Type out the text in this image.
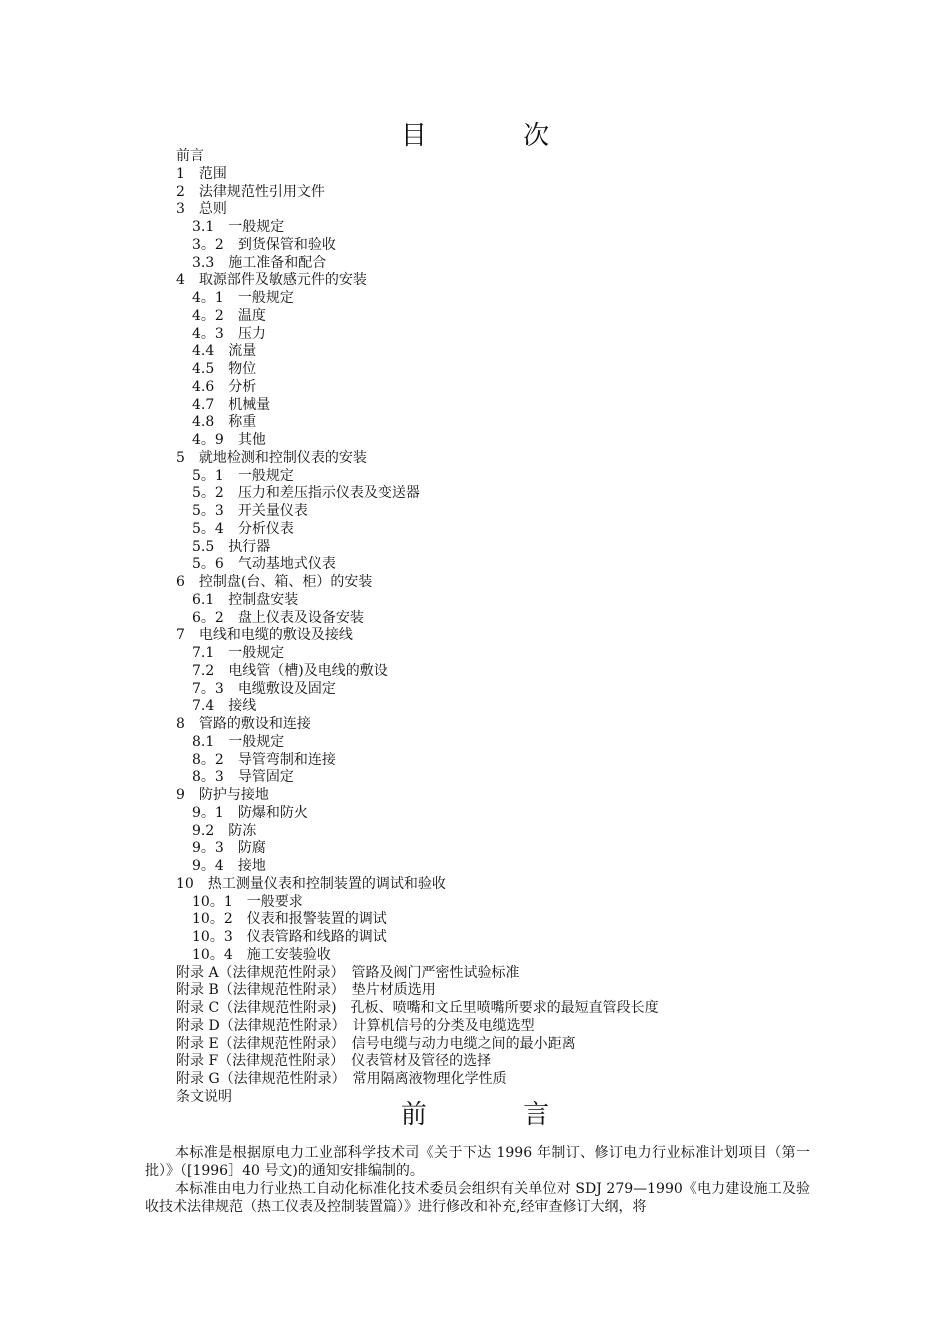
目 次
前言
1　范围
2　法律规范性引用文件
3　总则
3.1　一般规定
3。2　到货保管和验收
3.3　施工准备和配合
4　取源部件及敏感元件的安装
4。1　一般规定
4。2　温度
4。3　压力
4.4　流量
4.5　物位
4.6　分析
4.7　机械量
4.8　称重
4。9　其他
5　就地检测和控制仪表的安装
5。1　一般规定
5。2　压力和差压指示仪表及变送器
5。3　开关量仪表
5。4　分析仪表
5.5　执行器
5。6　气动基地式仪表
6　控制盘(台、箱、柜）的安装
6.1　控制盘安装
6。2　盘上仪表及设备安装
7　电线和电缆的敷设及接线
7.1　一般规定
7.2　电线管（槽)及电线的敷设
7。3　电缆敷设及固定
7.4　接线
8　管路的敷设和连接
8.1　一般规定
8。2　导管弯制和连接
8。3　导管固定
9　防护与接地
9。1　防爆和防火
9.2　防冻
9。3　防腐
9。4　接地
10　热工测量仪表和控制装置的调试和验收
10。1　一般要求
10。2　仪表和报警装置的调试
10。3　仪表管路和线路的调试
10。4　施工安装验收
附录 A（法律规范性附录）　管路及阀门严密性试验标准
附录 B（法律规范性附录）　垫片材质选用
附录 C（法律规范性附录)　孔板、喷嘴和文丘里喷嘴所要求的最短直管段长度
附录 D（法律规范性附录）　计算机信号的分类及电缆选型
附录 E（法律规范性附录）　信号电缆与动力电缆之间的最小距离
附录 F（法律规范性附录）　仪表管材及管径的选择
附录 G（法律规范性附录）　常用隔离液物理化学性质
条文说明
前 言

本标准是根据原电力工业部科学技术司《关于下达 1996 年制订、修订电力行业标准计划项目（第一批）》（[1996］40 号文)的通知安排编制的。

本标准由电力行业热工自动化标准化技术委员会组织有关单位对 SDJ 279—1990《电力建设施工及验收技术法律规范（热工仪表及控制装置篇）》进行修改和补充,经审查修订大纲，将
